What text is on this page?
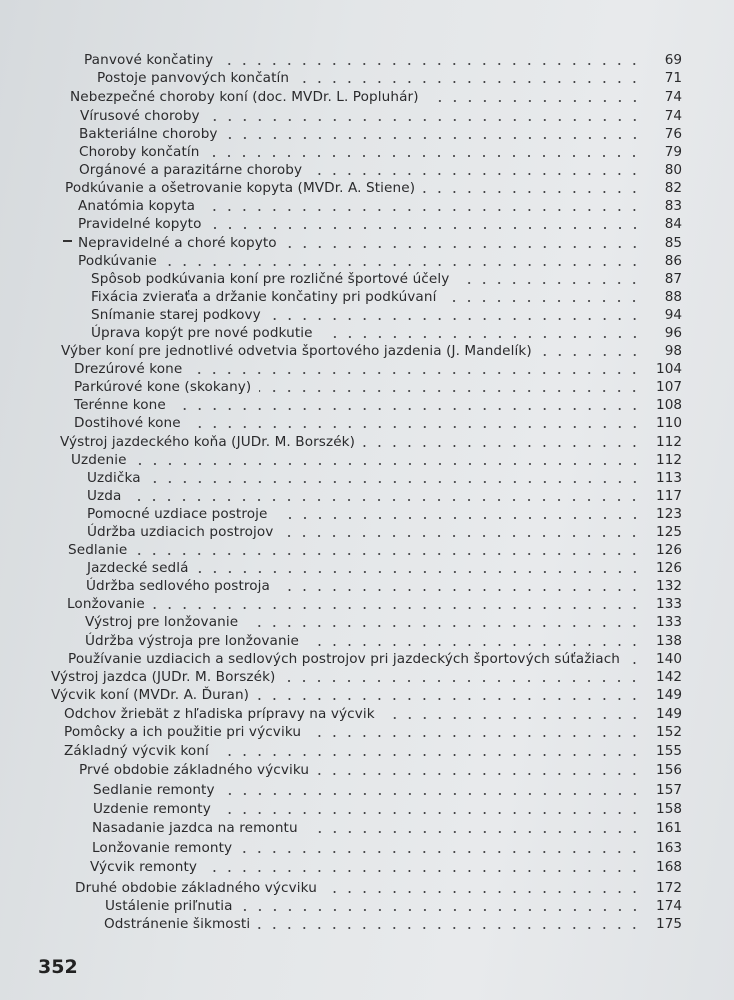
Panvové končatiny	69
Postoje panvových končatín	71
Nebezpečné choroby koní (doc. MVDr. L. Popluhár)	74
Vírusové choroby	74
Bakteriálne choroby	76
Choroby končatín	79
Orgánové a parazitárne choroby	80
Podkúvanie a ošetrovanie kopyta (MVDr. A. Stiene)	82
Anatómia kopyta	83
Pravidelné kopyto	84
Nepravidelné a choré kopyto	85
Podkúvanie	86
Spôsob podkúvania koní pre rozličné športové účely	87
Fixácia zvieraťa a držanie končatiny pri podkúvaní	88
Snímanie starej podkovy	94
Úprava kopýt pre nové podkutie	96
Výber koní pre jednotlivé odvetvia športového jazdenia (J. Mandelík)	98
Drezúrové kone	104
Parkúrové kone (skokany)	107
Terénne kone	108
Dostihové kone	110
Výstroj jazdeckého koňa (JUDr. M. Borszék)	112
Uzdenie	112
Uzdička	113
Uzda	117
Pomocné uzdiace postroje	123
Údržba uzdiacich postrojov	125
Sedlanie	126
Jazdecké sedlá	126
Údržba sedlového postroja	132
Lonžovanie	133
Výstroj pre lonžovanie	133
Údržba výstroja pre lonžovanie	138
Používanie uzdiacich a sedlových postrojov pri jazdeckých športových súťažiach	140
Výstroj jazdca (JUDr. M. Borszék)	142
Výcvik koní (MVDr. A. Ďuran)	149
Odchov žriebät z hľadiska prípravy na výcvik	149
Pomôcky a ich použitie pri výcviku	152
Základný výcvik koní	155
Prvé obdobie základného výcviku	156
Sedlanie remonty	157
Uzdenie remonty	158
Nasadanie jazdca na remontu	161
Lonžovanie remonty	163
Výcvik remonty	168
Druhé obdobie základného výcviku	172
Ustálenie priľnutia	174
Odstránenie šikmosti	175
352
